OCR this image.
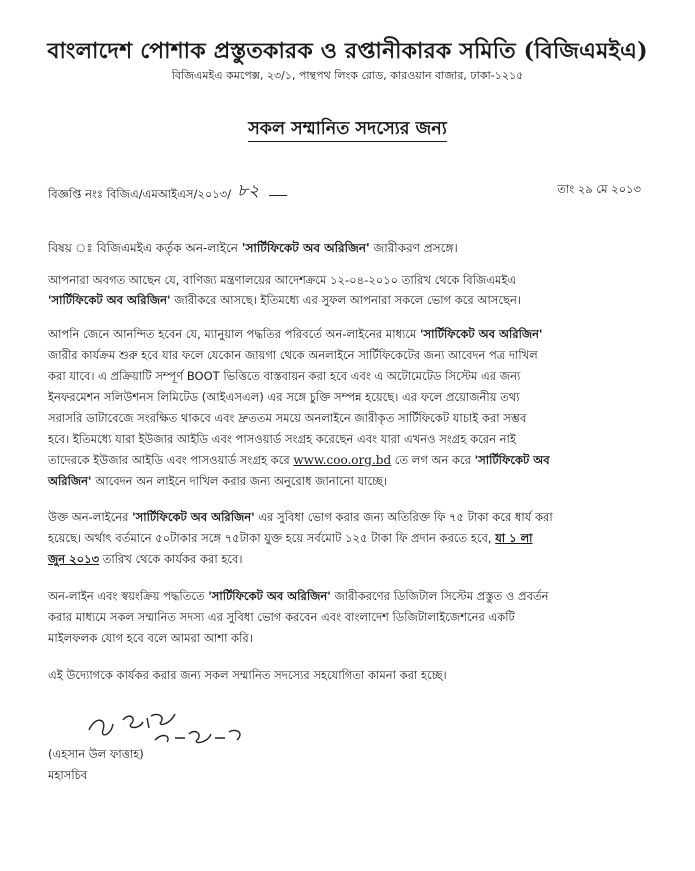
বাংলাদেশ পোশাক প্রস্তুতকারক ও রপ্তানীকারক সমিতি (বিজিএমইএ)

বিজিএমইএ কমপেক্স, ২৩/১, পান্থপথ লিংক রোড, কারওয়ান বাজার, ঢাকা-১২১৫

সকল সম্মানিত সদস্যের জন্য
বিজ্ঞপ্তি নংঃ বিজিএ/এমআইএস/২০১৩/ ৮২	তাং ২৯ মে ২০১৩
বিষয় ঃ বিজিএমইএ কর্তৃক অন-লাইনে 'সার্টিফিকেট অব অরিজিন' জারীকরণ প্রসঙ্গে।
আপনারা অবগত আছেন যে, বাণিজ্য মন্ত্রণালয়ের আদেশক্রমে ১২-০৪-২০১০ তারিখ থেকে বিজিএমইএ
'সার্টিফিকেট অব অরিজিন' জারীকরে আসছে। ইতিমধ্যে এর সুফল আপনারা সকলে ভোগ করে আসছেন।
আপনি জেনে আনন্দিত হবেন যে, ম্যানুয়াল পদ্ধতির পরিবর্তে অন-লাইনের মাধ্যমে 'সার্টিফিকেট অব অরিজিন'
জারীর কার্যক্রম শুরু হবে যার ফলে যেকোন জায়গা থেকে অনলাইনে সার্টিফিকেটের জন্য আবেদন পত্র দাখিল
করা যাবে। এ প্রক্রিয়াটি সম্পূর্ণ BOOT ভিত্তিতে বাস্তবায়ন করা হবে এবং এ অটোমেটেড সিস্টেম এর জন্য
ইনফরমেশন সলিউশনস লিমিটেড (আইএসএল) এর সঙ্গে চুক্তি সম্পন্ন হয়েছে। এর ফলে প্রয়োজনীয় তথ্য
সরাসরি ডাটাবেজে সংরক্ষিত থাকবে এবং দ্রুততম সময়ে অনলাইনে জারীকৃত সার্টিফিকেট যাচাই করা সম্ভব
হবে। ইতিমধ্যে যারা ইউজার আইডি এবং পাসওয়ার্ড সংগ্রহ করেছেন এবং যারা এখনও সংগ্রহ করেন নাই
তাদেরকে ইউজার আইডি এবং পাসওয়ার্ড সংগ্রহ করে www.coo.org.bd তে লগ অন করে 'সার্টিফিকেট অব
অরিজিন' আবেদন অন লাইনে দাখিল করার জন্য অনুরোধ জানানো যাচ্ছে।
উক্ত অন-লাইনের 'সার্টিফিকেট অব অরিজিন' এর সুবিধা ভোগ করার জন্য অতিরিক্ত ফি ৭৫ টাকা করে ধার্য করা
হয়েছে। অর্থাৎ বর্তমানে ৫০টাকার সঙ্গে ৭৫টাকা যুক্ত হয়ে সর্বমোট ১২৫ টাকা ফি প্রদান করতে হবে, যা ১ লা
জুন ২০১৩ তারিখ থেকে কার্যকর করা হবে।
অন-লাইন এবং স্বয়ংক্রিয় পদ্ধতিতে 'সার্টিফিকেট অব অরিজিন' জারীকরণের ডিজিটাল সিস্টেম প্রস্তুত ও প্রবর্তন
করার মাধ্যমে সকল সম্মানিত সদস্য এর সুবিধা ভোগ করবেন এবং বাংলাদেশ ডিজিটালাইজেশনের একটি
মাইলফলক যোগ হবে বলে আমরা আশা করি।
এই উদ্যোগকে কার্যকর করার জন্য সকল সম্মানিত সদস্যের সহযোগিতা কামনা করা হচ্ছে।
(এহসান উল ফাত্তাহ)
মহাসচিব
